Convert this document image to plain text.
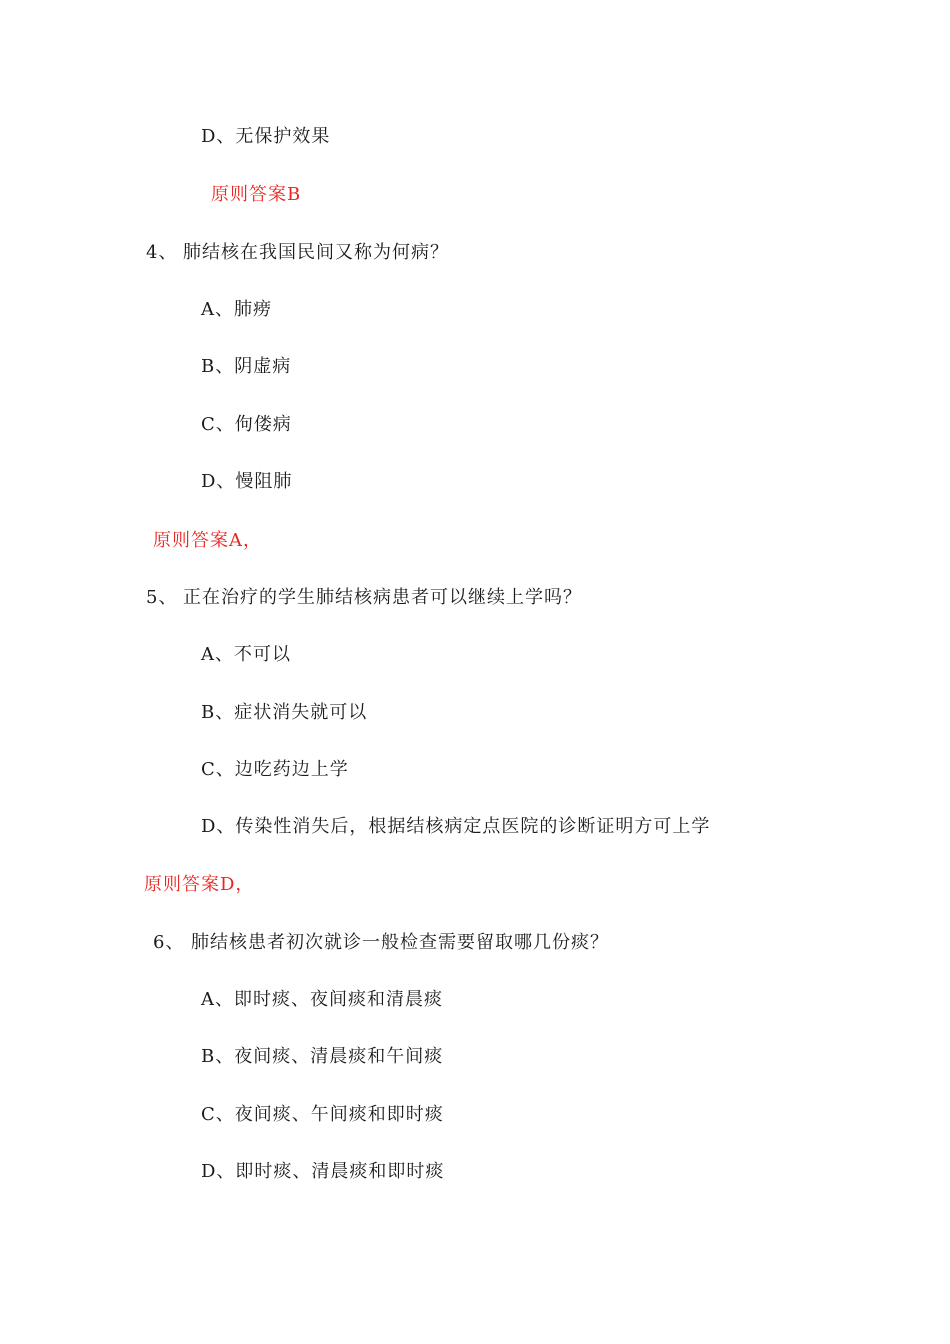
D、无保护效果
原则答案B
4、 肺结核在我国民间又称为何病？
A、肺痨
B、阴虚病
C、佝偻病
D、慢阻肺
原则答案A，
5、 正在治疗的学生肺结核病患者可以继续上学吗？
A、不可以
B、症状消失就可以
C、边吃药边上学
D、传染性消失后，根据结核病定点医院的诊断证明方可上学
原则答案D，
6、 肺结核患者初次就诊一般检查需要留取哪几份痰？
A、即时痰、夜间痰和清晨痰
B、夜间痰、清晨痰和午间痰
C、夜间痰、午间痰和即时痰
D、即时痰、清晨痰和即时痰
